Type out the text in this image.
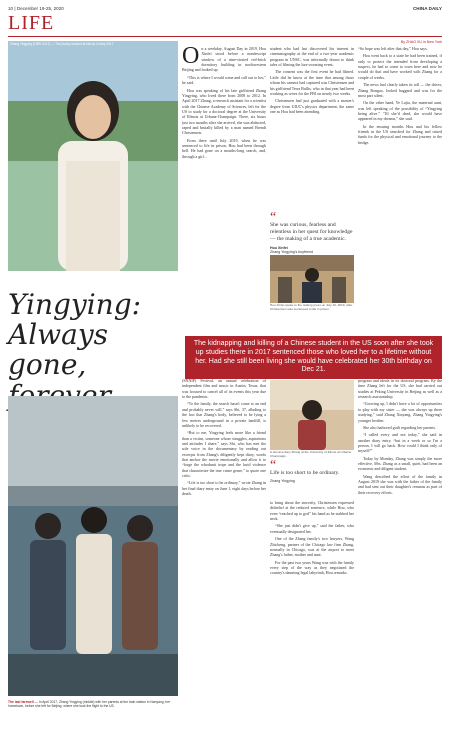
10 | December 19-25, 2020	CHINA DAILY
LIFE
Zhang Yingying (1990-2017) — The plucky student at Illinois in May 2017.	By ZHAO XU in New York

On a weekday, August Day in 2019, Hou Xinfei stood before a nondescript window of a nine-storied red-brick dormitory building in northwestern Beijing and looked up.

“This is where I would come and call out to her,” he said.

Hou was speaking of his late girlfriend Zhang Yingying, who lived there from 2008 to 2012. In April 2017 Zhang, a research assistant for a scientist with the Chinese Academy of Sciences, left for the US to study for a doctoral degree at the University of Illinois at Urbana-Champaign. There, six hours just two months after she arrived, she was abducted, raped and brutally killed by a man named Brendt Christensen.

From there until July 2019, when he was sentenced to life in prison, Hou had been through hell. He had gone on a months-long search, and, through a girl...

student who had last discovered his interest in cinematography at the end of a two-year academic program in UNSC, was informally drawn to think tales of filming the lure swearing event.

The consent was the first event he had filmed. Little did he know at the time that among those whom his camera had captured was Christensen and his girlfriend Terra Bullis, who in that year had been working as wires for the FBI on nearly two weeks.

Christensen had just graduated with a master's degree from UIUC's physics department, the same one as Hou had been attending.

“
She was curious, fearless and relentless in her quest for knowledge — the making of a true academic.
Hou Xinfei
Zhang Yingying's boyfriend
Hou Xinfei spoke to the waiting press on July 10, 2019, after Christensen was sentenced to life in prison.

“So hope was left after that day,” Hou says.

Hou went back to a state he had been trained, if only to protect the intended from developing a suspect, he had to come to town here and now he would do that and have worked with Zhang for a couple of weeks.

The news had clearly taken its toll — the driver, Zhang Rongao, looked haggard and was for the most part silent.

On the other hand, Ye Lujia, the maternal aunt, was left speaking of the possibility of “Yingying being alive.” ’Til she’d dead, she would have appeared in my dreams,” she said.

In the ensuing months Hou and his fellow friends in the US searched for Zhang and raised funds for the physical and emotional journey to the bridge.

Yingying: Always gone,
The kidnapping and killing of a Chinese student in the US soon after she took up studies there in 2017 sentenced those who loved her to a lifetime without her. Had she still been living she would have celebrated her 30th birthday on Dec 21.
The last farewell — In April 2017, Zhang Yingying (middle) with her parents at the train station in Nanyang, her hometown, before she left for Beijing, where she took the flight to the US.

(SNNIP) Festival, an annual celebration of independent film and music in Austin, Texas, that was focused to cancel all of its events this year due to the pandemic.

“To the family, the search hasn't come to an end and probably never will,” says Shi, 37, alluding to the fact that Zhang's body, believed to be lying a few metres underground in a private landfill, is unlikely to be recovered.

“But to me, Yingying feels more like a friend than a victim, someone whose struggles, aspirations and attitudes I share,” says Shi, who has met the sole voice in the documentary by reading out excerpts from Zhang's diligently kept diary, words that anchor the movie emotionally and allow it to “forge the whodunit trope and the lurid violence that characterize the true crime genre,” to quote one critic.

“Life is too short to be ordinary,” wrote Zhang in her final diary entry on June 1, eight days before her death.

A documentary Zhang at the University of Illinois at Urbana-Champaign.
“
Life is too short to be ordinary.
Zhang Yingying

to bring about the sincerity, Christensen expressed disbelief at the reduced sentence, while Hou, who even “reached up to god” his hand as he stabbed her neck.

“She just didn't give up,” said the father, who eventually designated her.

One of the Zhang family's two lawyers, Wang Zhicheng, partner of the Chicago law firm Zhang, normally in Chicago, was at the airport to meet Zhang's father, mother and aunt.

For the past two years Wang was with the family every step of the way as they negotiated the country's daunting legal labyrinth, Hou remarks.

program and ideals in its doctoral program. By the time Zhang left for the US, she had carried out studies at Peking University in Beijing as well as a research assistantship.

“Growing up, I didn't have a lot of opportunities to play with my sister — she was always up there studying,” said Zhang Xinyang, Zhang Yingying's younger brother.

She also harbored guilt regarding her parents.

“I called every and not today,” she said in another diary entry, “but in a week or so I'm a person, I will go back. How could I think only of myself?”

Today by Monday, Zhang was simply the more effective, Mrs. Zhang as a small, quiet, had been an economic and diligent student.

Wang described the effort of the family in August 2019 she was with the father of the family and had sent out their daughter's remains as part of their recovery efforts.
